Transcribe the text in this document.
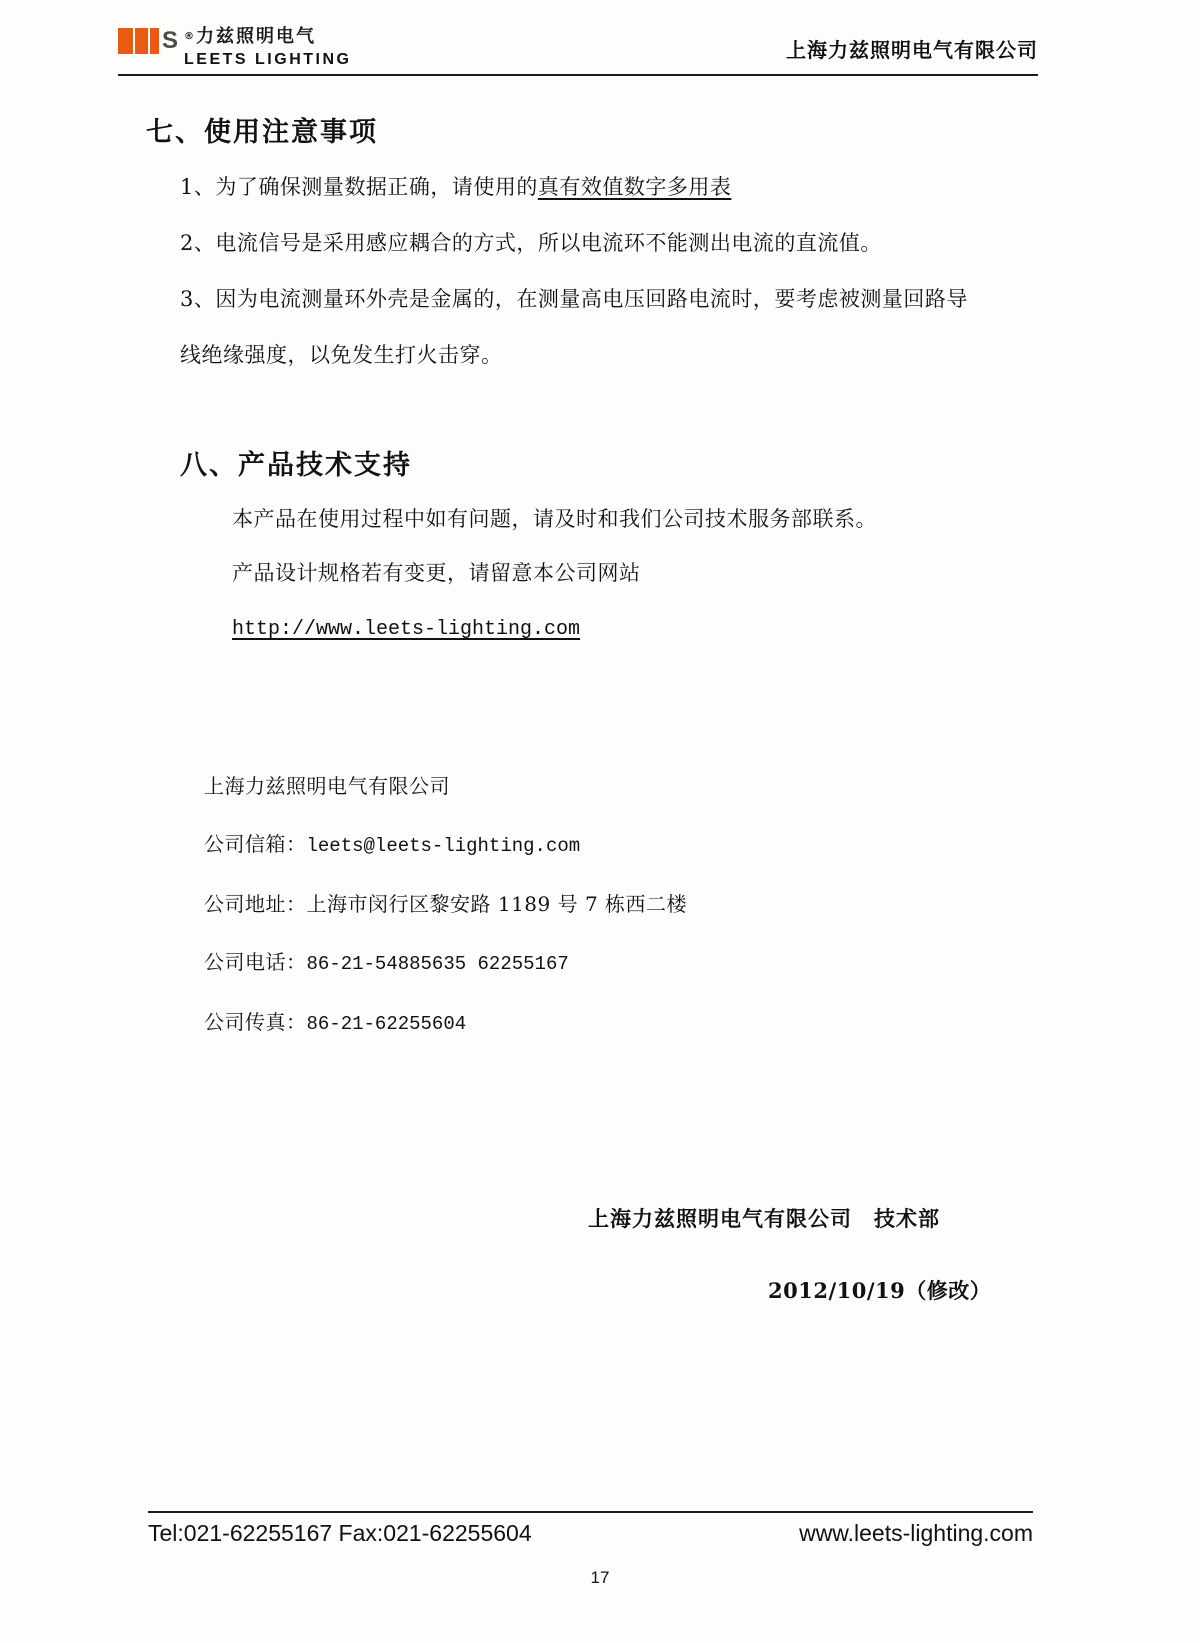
S ®力兹照明电气
LEETS LIGHTING	上海力兹照明电气有限公司
七、使用注意事项
1、为了确保测量数据正确，请使用的真有效值数字多用表
2、电流信号是采用感应耦合的方式，所以电流环不能测出电流的直流值。
3、因为电流测量环外壳是金属的，在测量高电压回路电流时，要考虑被测量回路导
线绝缘强度，以免发生打火击穿。
八、产品技术支持
本产品在使用过程中如有问题，请及时和我们公司技术服务部联系。
产品设计规格若有变更，请留意本公司网站
http://www.leets-lighting.com
上海力兹照明电气有限公司
公司信箱：leets@leets-lighting.com
公司地址：上海市闵行区黎安路 1189 号 7 栋西二楼
公司电话：86-21-54885635 62255167
公司传真：86-21-62255604
上海力兹照明电气有限公司　技术部
2012/10/19（修改）
Tel:021-62255167 Fax:021-62255604	www.leets-lighting.com
17
